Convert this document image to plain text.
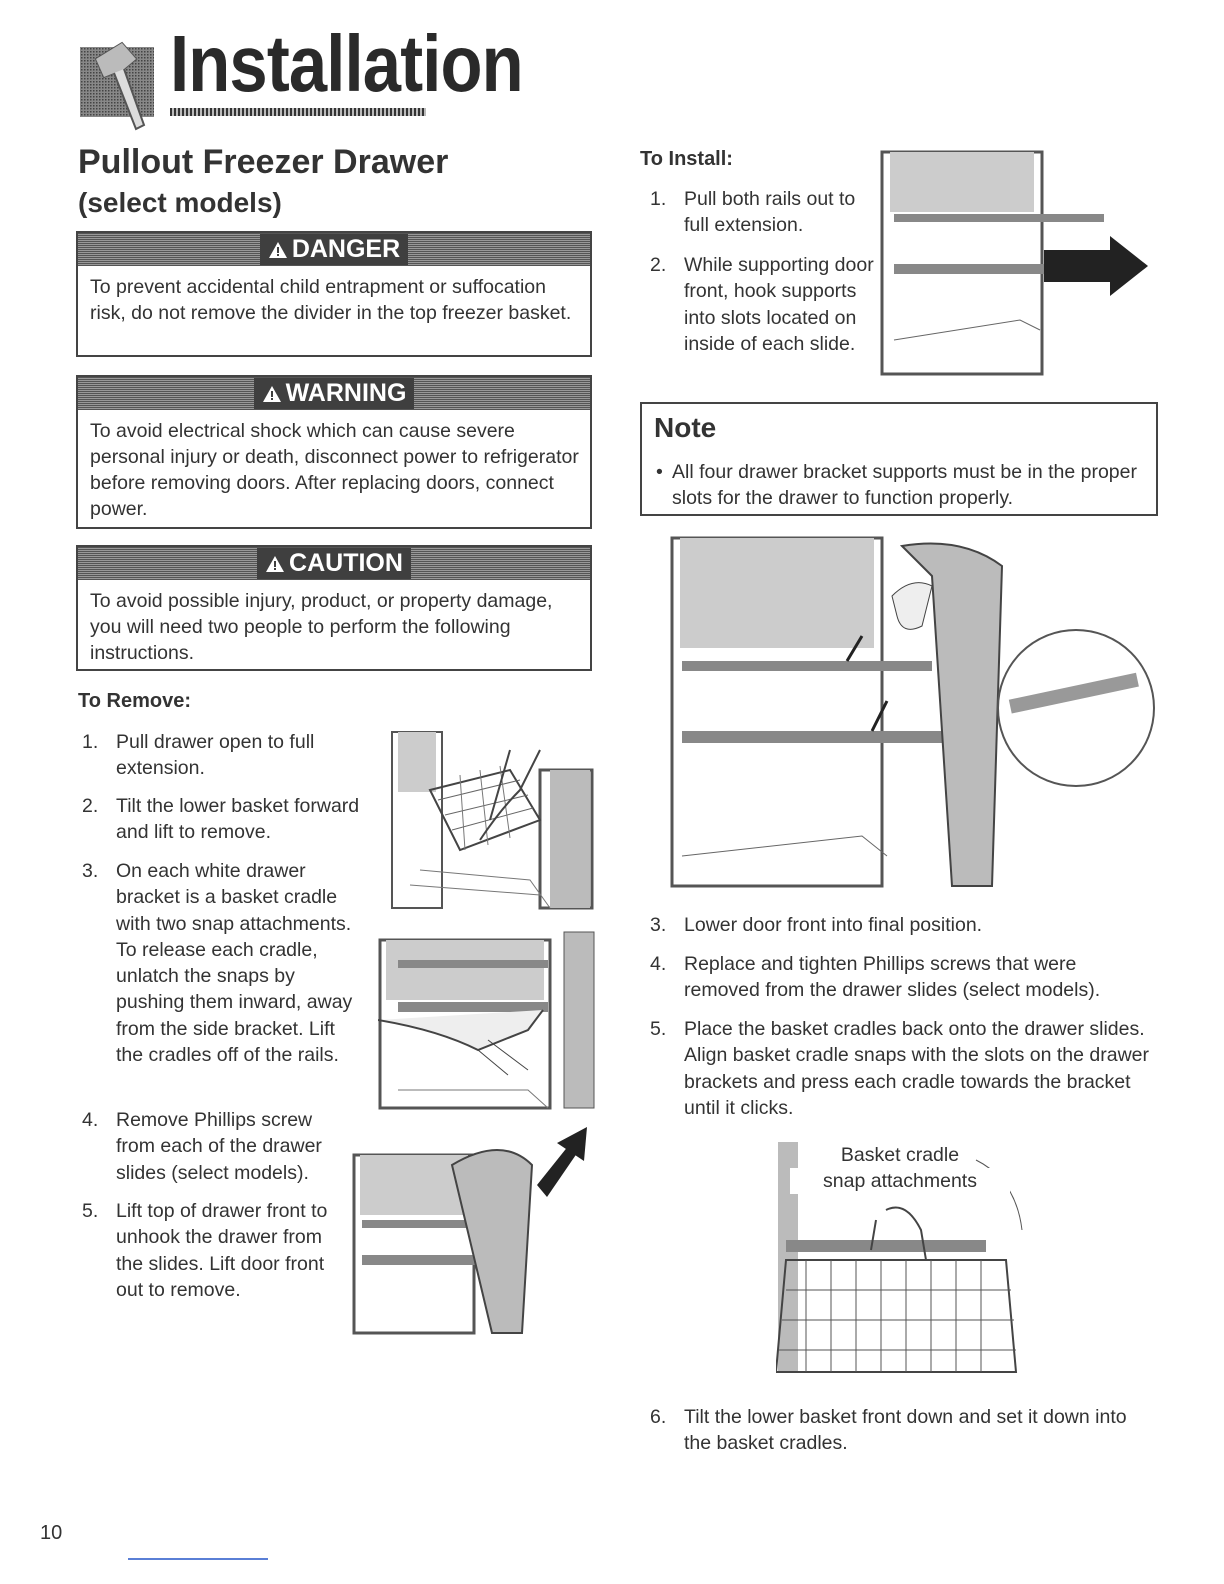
Installation
Pullout Freezer Drawer
(select models)
DANGER
To prevent accidental child entrapment or suffocation risk, do not remove the divider in the top freezer basket.
WARNING
To avoid electrical shock which can cause severe personal injury or death, disconnect power to refrigerator before removing doors. After replacing doors, connect power.
CAUTION
To avoid possible injury, product, or property damage, you will need two people to perform the following instructions.
To Remove:
1. Pull drawer open to full extension.
2. Tilt the lower basket forward and lift to remove.
3. On each white drawer bracket is a basket cradle with two snap attachments. To release each cradle, unlatch the snaps by pushing them inward, away from the side bracket. Lift the cradles off of the rails.
4. Remove Phillips screw from each of the drawer slides (select models).
5. Lift top of drawer front to unhook the drawer from the slides. Lift door front out to remove.
To Install:
1. Pull both rails out to full extension.
2. While supporting door front, hook supports into slots located on inside of each slide.
Note
• All four drawer bracket supports must be in the proper slots for the drawer to function properly.
3. Lower door front into final position.
4. Replace and tighten Phillips screws that were removed from the drawer slides (select models).
5. Place the basket cradles back onto the drawer slides. Align basket cradle snaps with the slots on the drawer brackets and press each cradle towards the bracket until it clicks.
Basket cradle
snap attachments
6. Tilt the lower basket front down and set it down into the basket cradles.
10
